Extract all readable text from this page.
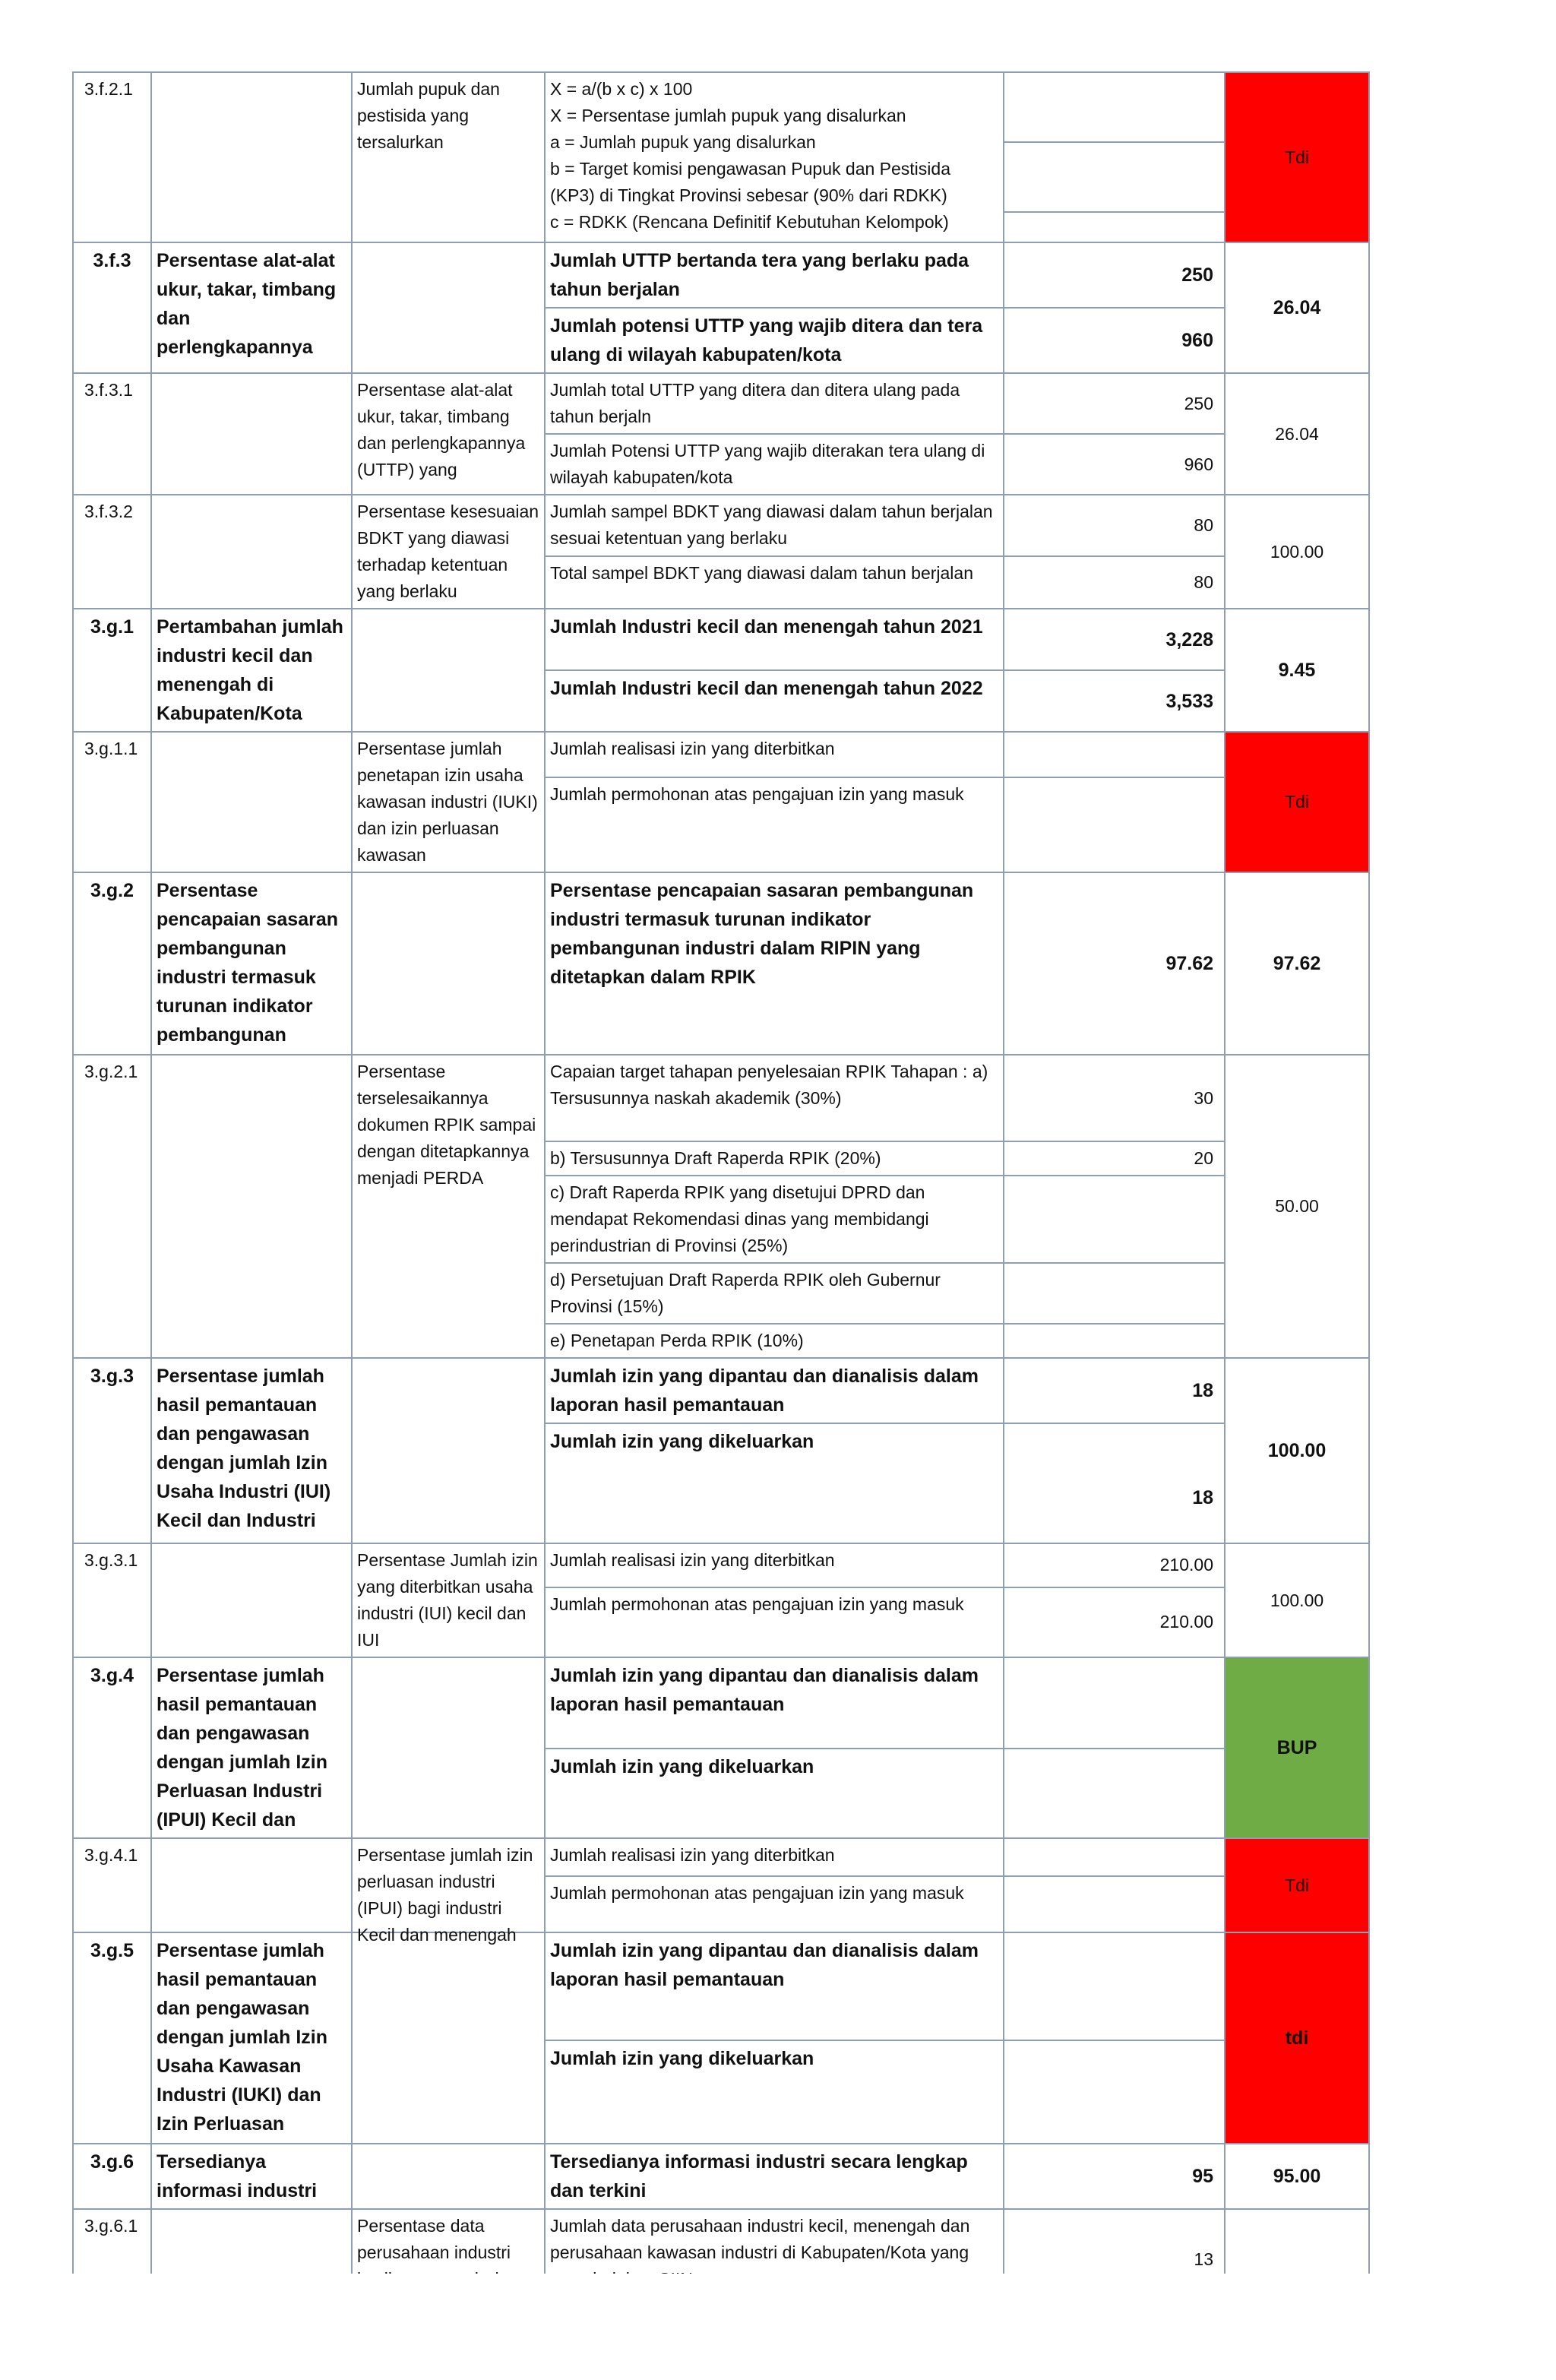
3.f.2.1		Jumlah pupuk dan pestisida yang tersalurkan	X = a/(b x c) x 100
X = Persentase jumlah pupuk yang disalurkan
a = Jumlah pupuk yang disalurkan
b = Target komisi pengawasan Pupuk dan Pestisida (KP3) di Tingkat Provinsi sebesar (90% dari RDKK)
c = RDKK (Rencana Definitif Kebutuhan Kelompok)		Tdi

3.f.3	Persentase alat-alat ukur, takar, timbang dan perlengkapannya		Jumlah UTTP bertanda tera yang berlaku pada tahun berjalan	250	26.04
			Jumlah potensi UTTP yang wajib ditera dan tera ulang di wilayah kabupaten/kota	960	
3.f.3.1		Persentase alat-alat ukur, takar, timbang dan perlengkapannya (UTTP) yang	Jumlah total UTTP yang ditera dan ditera ulang pada tahun berjaln	250	26.04
			Jumlah Potensi UTTP yang wajib diterakan tera ulang di wilayah kabupaten/kota	960	
3.f.3.2		Persentase kesesuaian BDKT yang diawasi terhadap ketentuan yang berlaku	Jumlah sampel BDKT yang diawasi dalam tahun berjalan sesuai ketentuan yang berlaku	80	100.00
			Total sampel BDKT yang diawasi dalam tahun berjalan	80	
3.g.1	Pertambahan jumlah industri kecil dan menengah di Kabupaten/Kota		Jumlah Industri kecil dan menengah tahun 2021	3,228	9.45
			Jumlah Industri kecil dan menengah tahun 2022	3,533	
3.g.1.1		Persentase jumlah penetapan izin usaha kawasan industri (IUKI) dan izin perluasan kawasan	Jumlah realisasi izin yang diterbitkan		Tdi
			Jumlah permohonan atas pengajuan izin yang masuk		
3.g.2	Persentase pencapaian sasaran pembangunan industri termasuk turunan indikator pembangunan		Persentase pencapaian sasaran pembangunan industri termasuk turunan indikator pembangunan industri dalam RIPIN yang ditetapkan dalam RPIK	97.62	97.62
3.g.2.1		Persentase terselesaikannya dokumen RPIK sampai dengan ditetapkannya menjadi PERDA	Capaian target tahapan penyelesaian RPIK Tahapan : a) Tersusunnya naskah akademik (30%)	30	50.00
			b) Tersusunnya Draft Raperda RPIK (20%)	20	
			c) Draft Raperda RPIK yang disetujui DPRD dan mendapat Rekomendasi dinas yang membidangi perindustrian di Provinsi (25%)		
			d) Persetujuan Draft Raperda RPIK oleh Gubernur Provinsi (15%)		
			e) Penetapan Perda RPIK (10%)		
3.g.3	Persentase jumlah hasil pemantauan dan pengawasan dengan jumlah Izin Usaha Industri (IUI) Kecil dan Industri		Jumlah izin yang dipantau dan dianalisis dalam laporan hasil pemantauan	18	100.00
			Jumlah izin yang dikeluarkan	18	
3.g.3.1		Persentase Jumlah izin yang diterbitkan usaha industri (IUI) kecil dan IUI	Jumlah realisasi izin yang diterbitkan	210.00	100.00
			Jumlah permohonan atas pengajuan izin yang masuk	210.00	
3.g.4	Persentase jumlah hasil pemantauan dan pengawasan dengan jumlah Izin Perluasan Industri (IPUI) Kecil dan		Jumlah izin yang dipantau dan dianalisis dalam laporan hasil pemantauan		BUP
			Jumlah izin yang dikeluarkan		
3.g.4.1		Persentase jumlah izin perluasan industri (IPUI) bagi industri Kecil dan menengah	Jumlah realisasi izin yang diterbitkan		Tdi
			Jumlah permohonan atas pengajuan izin yang masuk		
3.g.5	Persentase jumlah hasil pemantauan dan pengawasan dengan jumlah Izin Usaha Kawasan Industri (IUKI) dan Izin Perluasan		Jumlah izin yang dipantau dan dianalisis dalam laporan hasil pemantauan		tdi
			Jumlah izin yang dikeluarkan		
3.g.6	Tersedianya informasi industri		Tersedianya informasi industri secara lengkap dan terkini	95	95.00
3.g.6.1		Persentase data perusahaan industri	Jumlah data perusahaan industri kecil, menengah dan perusahaan kawasan industri di Kabupaten/Kota yang	13	
